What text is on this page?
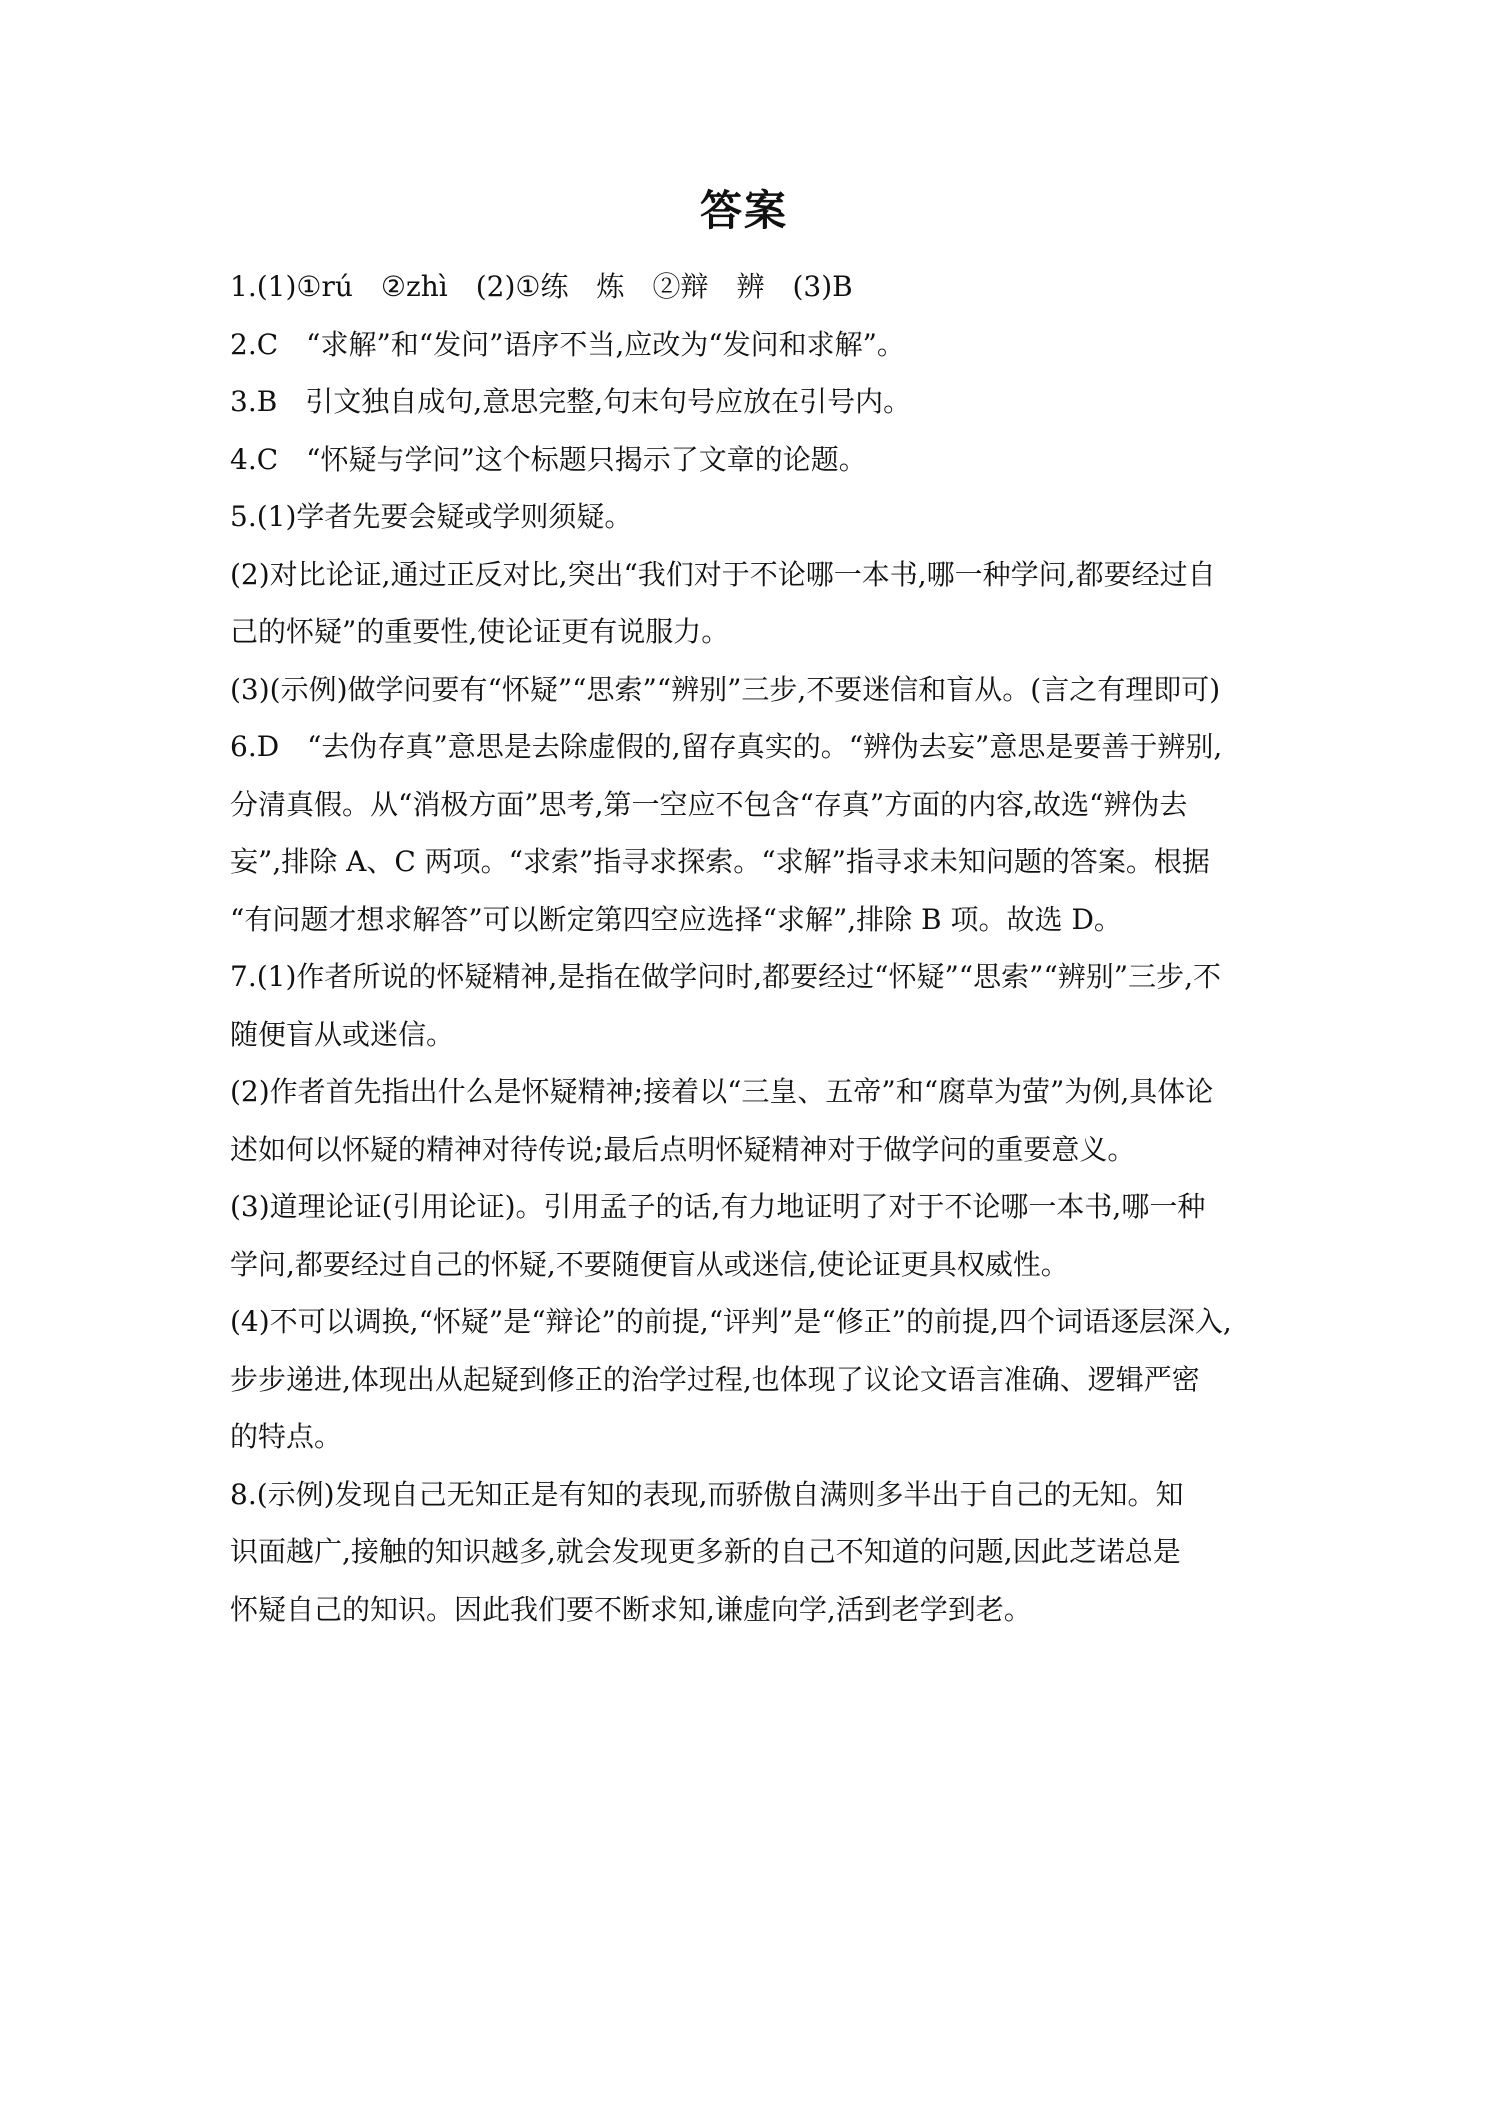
答案
1.(1)①rú　②zhì　(2)①练　炼　②辩　辨　(3)B
2.C　“求解”和“发问”语序不当,应改为“发问和求解”。
3.B　引文独自成句,意思完整,句末句号应放在引号内。
4.C　“怀疑与学问”这个标题只揭示了文章的论题。
5.(1)学者先要会疑或学则须疑。
(2)对比论证,通过正反对比,突出“我们对于不论哪一本书,哪一种学问,都要经过自
己的怀疑”的重要性,使论证更有说服力。
(3)(示例)做学问要有“怀疑”“思索”“辨别”三步,不要迷信和盲从。(言之有理即可)
6.D　“去伪存真”意思是去除虚假的,留存真实的。“辨伪去妄”意思是要善于辨别,
分清真假。从“消极方面”思考,第一空应不包含“存真”方面的内容,故选“辨伪去
妄”,排除 A、C 两项。“求索”指寻求探索。“求解”指寻求未知问题的答案。根据
“有问题才想求解答”可以断定第四空应选择“求解”,排除 B 项。故选 D。
7.(1)作者所说的怀疑精神,是指在做学问时,都要经过“怀疑”“思索”“辨别”三步,不
随便盲从或迷信。
(2)作者首先指出什么是怀疑精神;接着以“三皇、五帝”和“腐草为萤”为例,具体论
述如何以怀疑的精神对待传说;最后点明怀疑精神对于做学问的重要意义。
(3)道理论证(引用论证)。引用孟子的话,有力地证明了对于不论哪一本书,哪一种
学问,都要经过自己的怀疑,不要随便盲从或迷信,使论证更具权威性。
(4)不可以调换,“怀疑”是“辩论”的前提,“评判”是“修正”的前提,四个词语逐层深入,
步步递进,体现出从起疑到修正的治学过程,也体现了议论文语言准确、逻辑严密
的特点。
8.(示例)发现自己无知正是有知的表现,而骄傲自满则多半出于自己的无知。知
识面越广,接触的知识越多,就会发现更多新的自己不知道的问题,因此芝诺总是
怀疑自己的知识。因此我们要不断求知,谦虚向学,活到老学到老。
